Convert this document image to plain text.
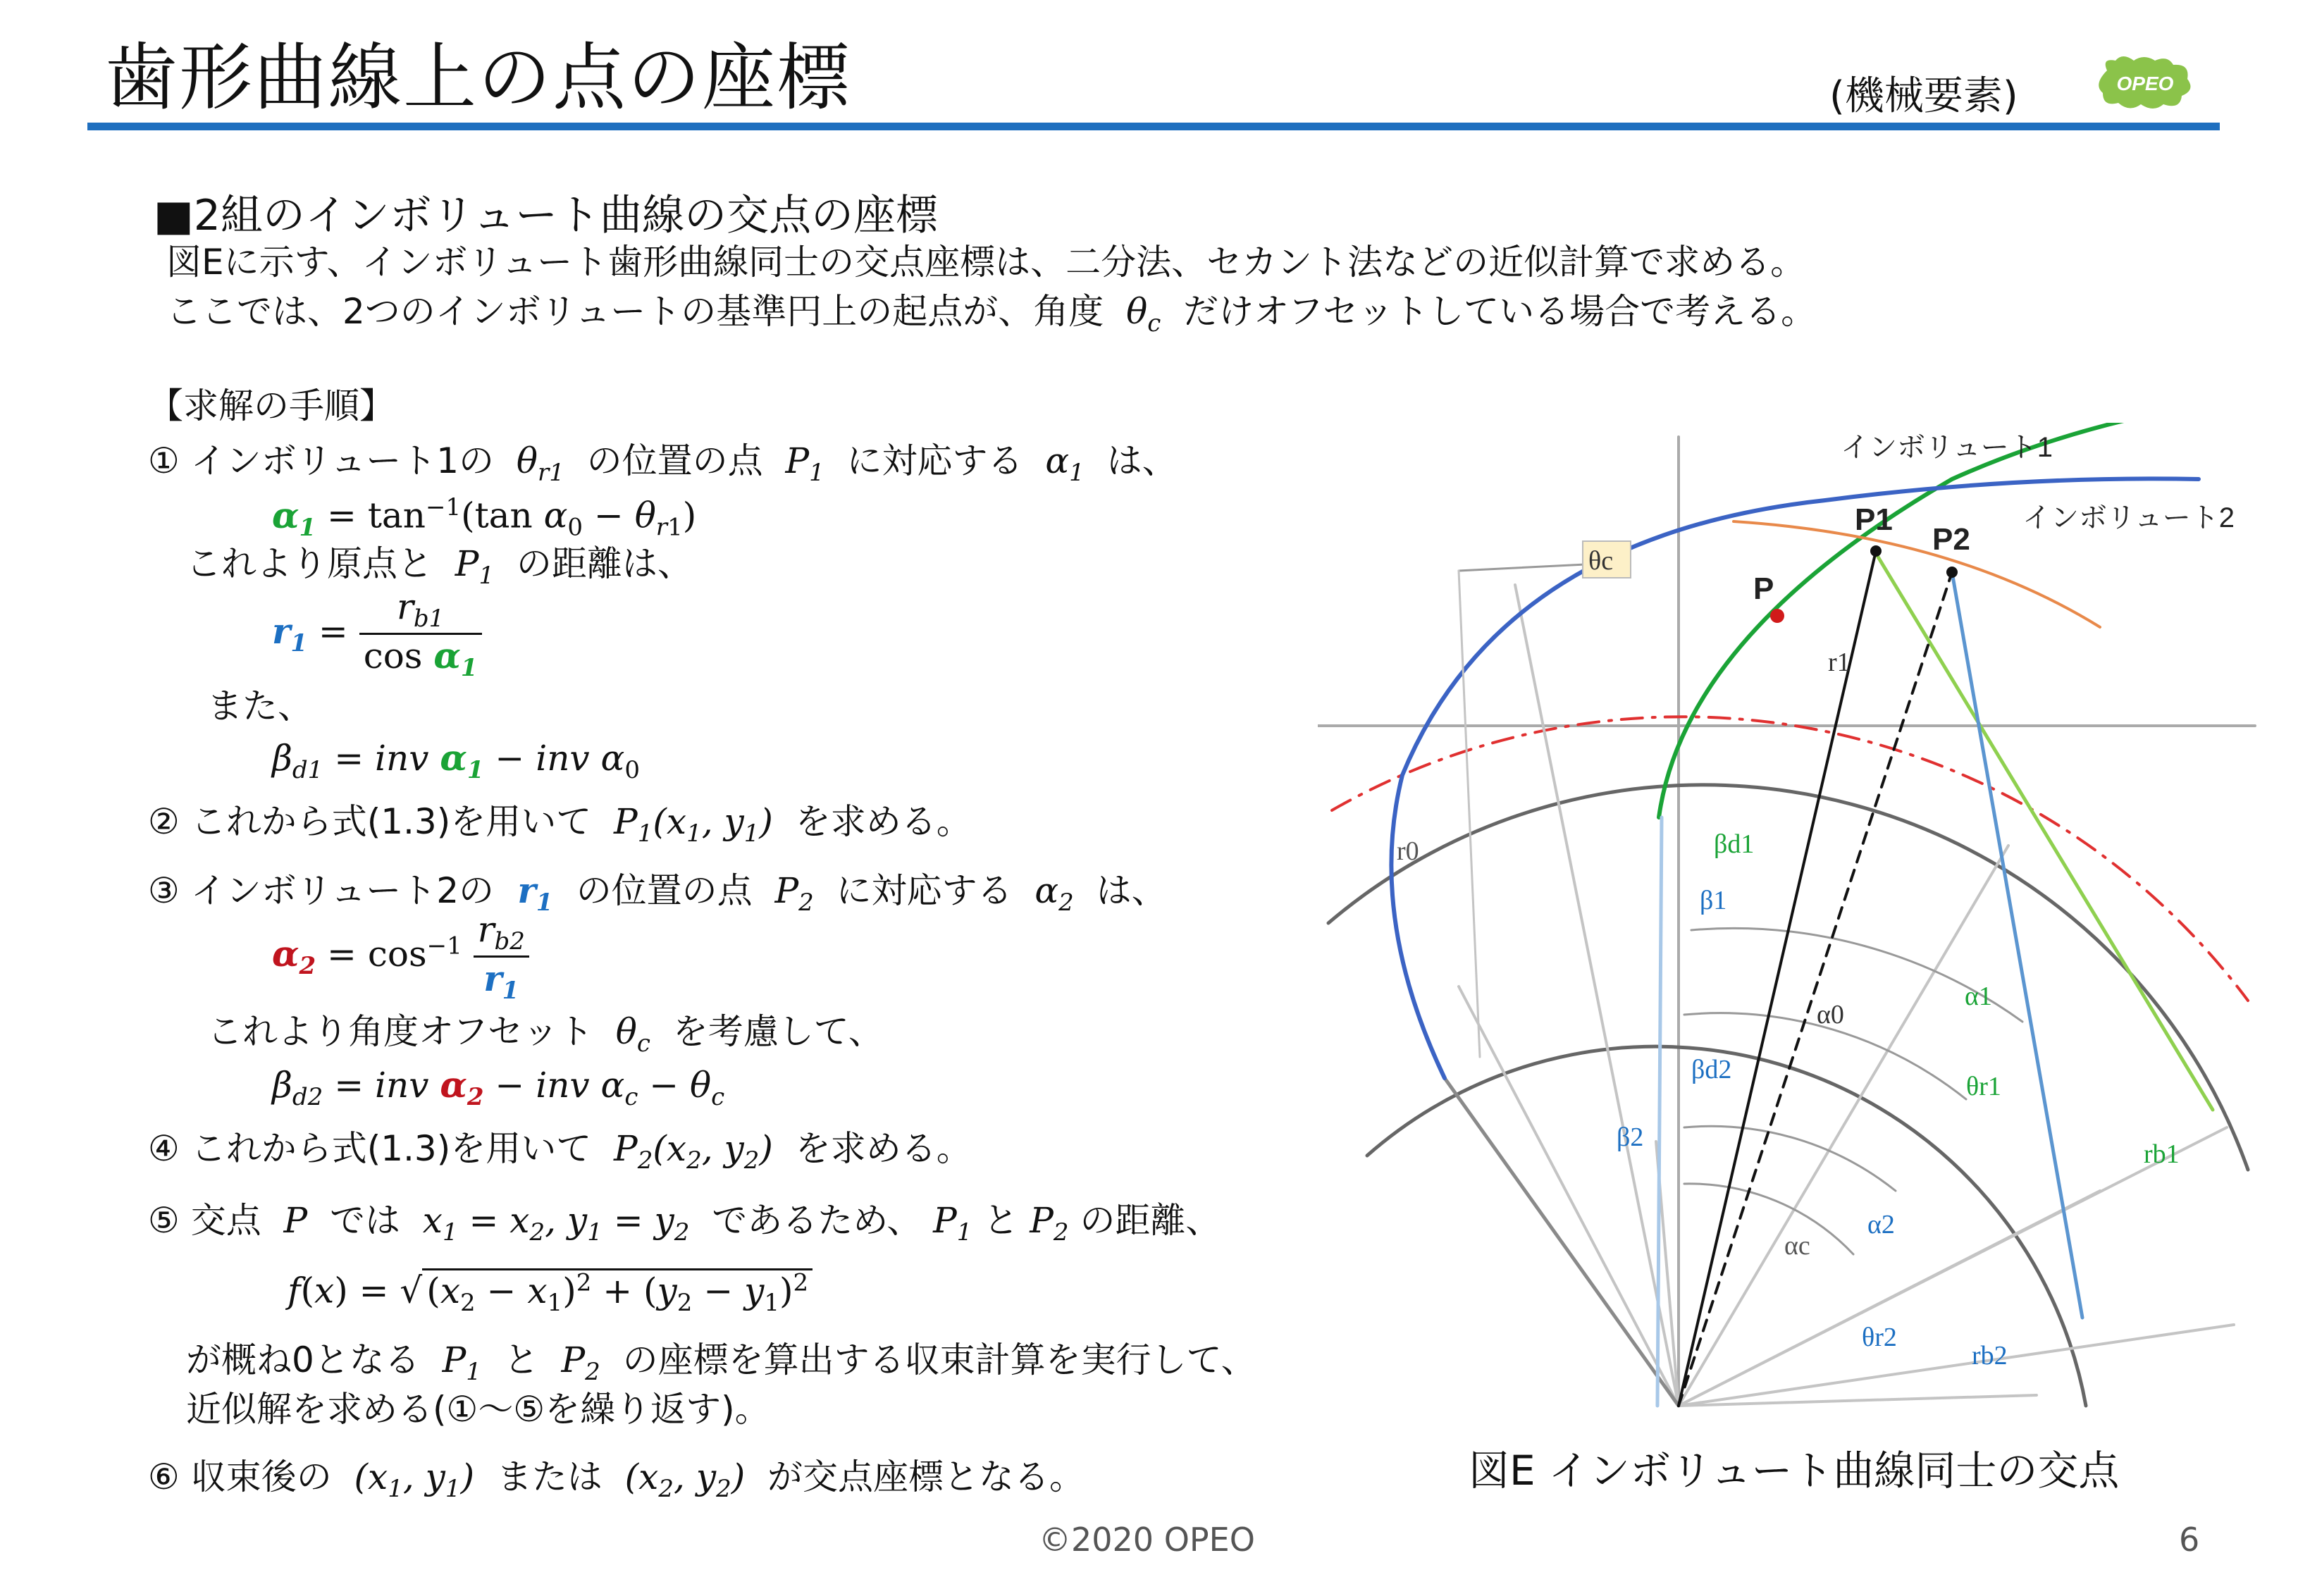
歯形曲線上の点の座標	(機械要素)	OPEO
■2組のインボリュート曲線の交点の座標
図Eに示す、インボリュート歯形曲線同士の交点座標は、二分法、セカント法などの近似計算で求める。
ここでは、2つのインボリュートの基準円上の起点が、角度  $\theta_c$ だけオフセットしている場合で考える。
【求解の手順】
① インボリュート1の  $\theta_{r1}$ の位置の点  $P_1$ に対応する  $\alpha_1$ は、
$\alpha_1 = \tan^{-1}(\tan$ $\alpha_0 - \theta_{r1}$)
これより原点と  $P_1$ の距離は、
$r_1 = \frac{r_{b1}}{\cos \alpha_1}$
また、
$\beta_{d1}$ = inv $\alpha_1$ − inv $\alpha_0$
② これから式(1.3)を用いて  $P_1(x_1$, $y_1$)  を求める。
③ インボリュート2の  $r_1$ の位置の点  $P_2$ に対応する  $\alpha_2$ は、
$\alpha_2 = \cos^{-1} \frac{r_{b2}}{r_1}$
これより角度オフセット  $\theta_c$ を考慮して、
$\beta_{d2}$ = inv $\alpha_2$ − inv $\alpha_c - \theta_c$
④ これから式(1.3)を用いて  $P_2(x_2$, $y_2$)  を求める。
⑤ 交点  P  では  $x_1 = x_2$, $y_1 = y_2$ であるため、 $P_1$ と $P_2$ の距離、
f(x) = √ $(x_2 - x_1)^2 + (y_2 - y_1)^2$
が概ね0となる  $P_1$ と  $P_2$ の座標を算出する収束計算を実行して、
近似解を求める(①～⑤を繰り返す)。
⑥ 収束後の  ($x_1$, $y_1$)  または  ($x_2$, $y_2$)  が交点座標となる。
インボリュート1
インボリュート2
P1
P2
P
θc
r1
r0	βd1
β1
α0
α1
θr1
βd2
β2
rb1
αc
α2
θr2
rb2
図E インボリュート曲線同士の交点
©2020 OPEO	6
